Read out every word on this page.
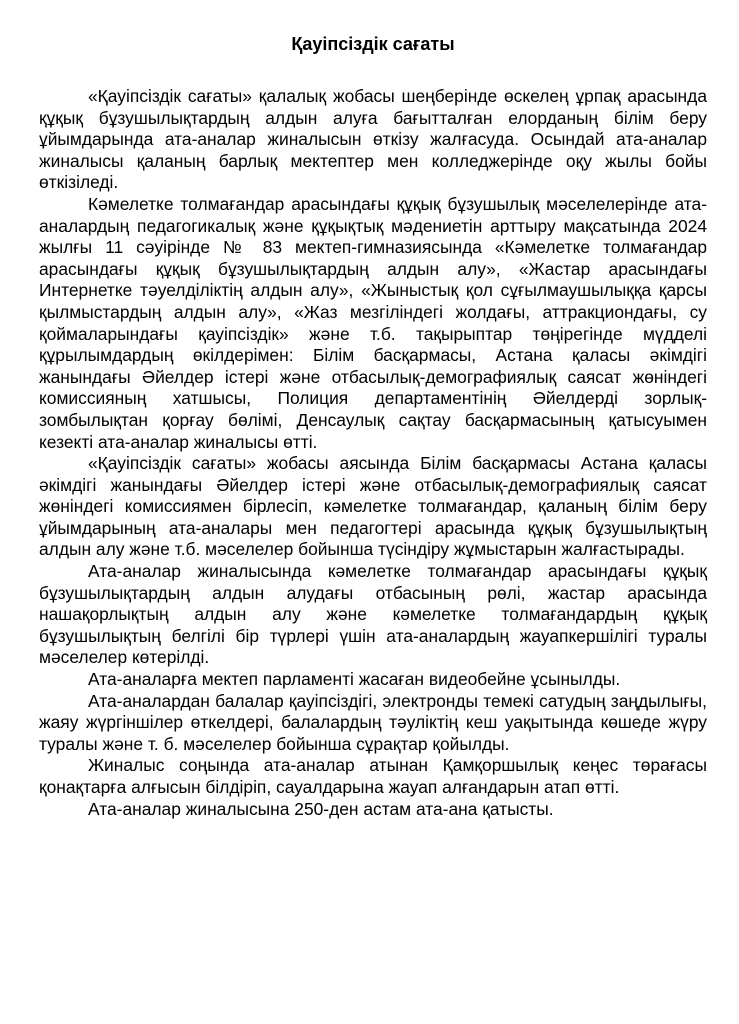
Қауіпсіздік сағаты

«Қауіпсіздік сағаты» қалалық жобасы шеңберінде өскелең ұрпақ арасында құқық бұзушылықтардың алдын алуға бағытталған елорданың білім беру ұйымдарында ата-аналар жиналысын өткізу жалғасуда. Осындай ата-аналар жиналысы қаланың барлық мектептер мен колледжерінде оқу жылы бойы өткізіледі.

Кәмелетке толмағандар арасындағы құқық бұзушылық мәселелерінде ата-аналардың педагогикалық және құқықтық мәдениетін арттыру мақсатында 2024 жылғы 11 сәуірінде № 83 мектеп-гимназиясында «Кәмелетке толмағандар арасындағы құқық бұзушылықтардың алдын алу», «Жастар арасындағы Интернетке тәуелділіктің алдын алу», «Жыныстық қол сұғылмаушылыққа қарсы қылмыстардың алдын алу», «Жаз мезгіліндегі жолдағы, аттракциондағы, су қоймаларындағы қауіпсіздік» және т.б. тақырыптар төңірегінде мүдделі құрылымдардың өкілдерімен: Білім басқармасы, Астана қаласы әкімдігі жанындағы Әйелдер істері және отбасылық-демографиялық саясат жөніндегі комиссияның хатшысы, Полиция департаментінің Әйелдерді зорлық-зомбылықтан қорғау бөлімі, Денсаулық сақтау басқармасының қатысуымен кезекті ата-аналар жиналысы өтті.

«Қауіпсіздік сағаты» жобасы аясында Білім басқармасы Астана қаласы әкімдігі жанындағы Әйелдер істері және отбасылық-демографиялық саясат жөніндегі комиссиямен бірлесіп, кәмелетке толмағандар, қаланың білім беру ұйымдарының ата-аналары мен педагогтері арасында құқық бұзушылықтың алдын алу және т.б. мәселелер бойынша түсіндіру жұмыстарын жалғастырады.

Ата-аналар жиналысында кәмелетке толмағандар арасындағы құқық бұзушылықтардың алдын алудағы отбасының рөлі, жастар арасында нашақорлықтың алдын алу және кәмелетке толмағандардың құқық бұзушылықтың белгілі бір түрлері үшін ата-аналардың жауапкершілігі туралы мәселелер көтерілді.

Ата-аналарға мектеп парламенті жасаған видеобейне ұсынылды.

Ата-аналардан балалар қауіпсіздігі, электронды темекі сатудың заңдылығы, жаяу жүргіншілер өткелдері, балалардың тәуліктің кеш уақытында көшеде жүру туралы және т. б. мәселелер бойынша сұрақтар қойылды.

Жиналыс соңында ата-аналар атынан Қамқоршылық кеңес төрағасы қонақтарға алғысын білдіріп, сауалдарына жауап алғандарын атап өтті.

Ата-аналар жиналысына 250-ден астам ата-ана қатысты.
